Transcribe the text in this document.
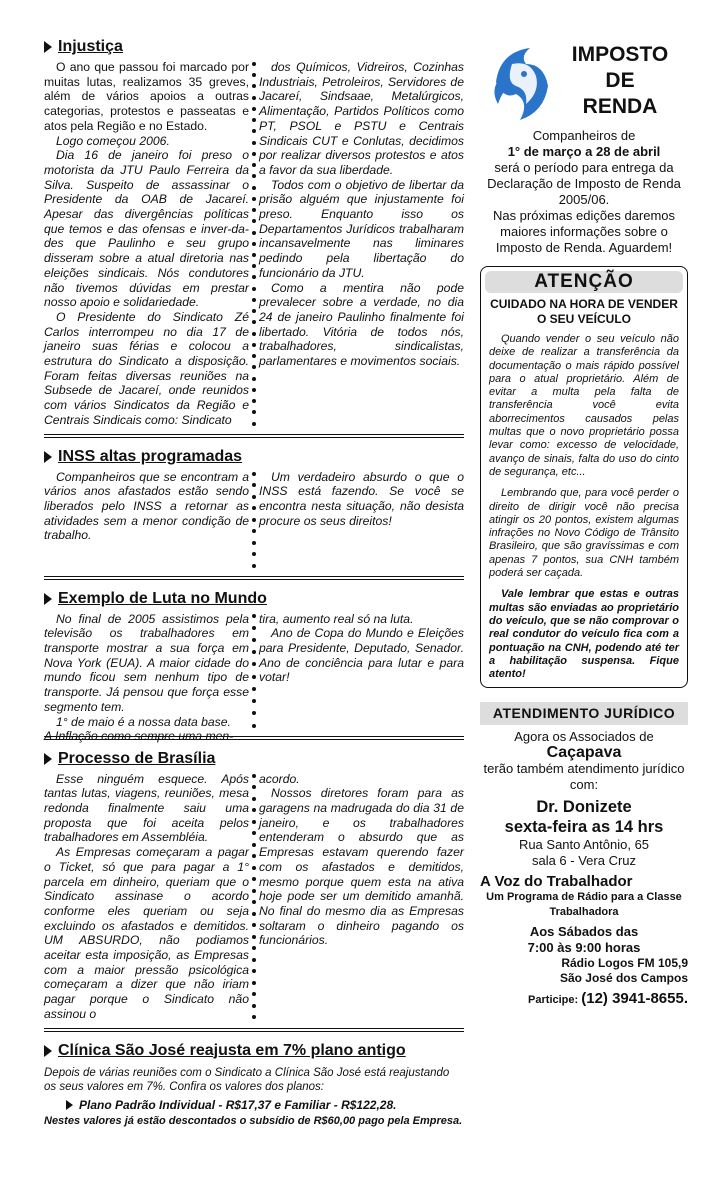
Injustiça

O ano que passou foi marcado por muitas lutas, realizamos 35 greves, além de vários apoios a outras categorias, protestos e passeatas e atos pela Região e no Estado.

Logo começou 2006.

Dia 16 de janeiro foi preso o motorista da JTU Paulo Ferreira da Silva. Suspeito de assassinar o Presidente da OAB de Jacareí. Apesar das divergências políticas que temos e das ofensas e inver-da-des que Paulinho e seu grupo disseram sobre a atual diretoria nas eleições sindicais. Nós condutores não tivemos dúvidas em prestar nosso apoio e solidariedade.

O Presidente do Sindicato Zé Carlos interrompeu no dia 17 de janeiro suas férias e colocou a estrutura do Sindicato a disposição. Foram feitas diversas reuniões na Subsede de Jacareí, onde reunidos com vários Sindicatos da Região e Centrais Sindicais como: Sindicato

dos Químicos, Vidreiros, Cozinhas Industriais, Petroleiros, Servidores de Jacareí, Sindsaae, Metalúrgicos, Alimentação, Partidos Políticos como PT, PSOL e PSTU e Centrais Sindicais CUT e Conlutas, decidimos por realizar diversos protestos e atos a favor da sua liberdade.

Todos com o objetivo de libertar da prisão alguém que injustamente foi preso. Enquanto isso os Departamentos Jurídicos trabalharam incansavelmente nas liminares pedindo pela libertação do funcionário da JTU.

Como a mentira não pode prevalecer sobre a verdade, no dia 24 de janeiro Paulinho finalmente foi libertado. Vitória de todos nós, trabalhadores, sindicalistas, parlamentares e movimentos sociais.

INSS altas programadas

Companheiros que se encontram a vários anos afastados estão sendo liberados pelo INSS a retornar as atividades sem a menor condição de trabalho.

Um verdadeiro absurdo o que o INSS está fazendo. Se você se encontra nesta situação, não desista procure os seus direitos!

Exemplo de Luta no Mundo

No final de 2005 assistimos pela televisão os trabalhadores em transporte mostrar a sua força em Nova York (EUA). A maior cidade do mundo ficou sem nenhum tipo de transporte. Já pensou que força esse segmento tem.

1° de maio é a nossa data base.

A Inflação como sempre uma men-

tira, aumento real só na luta.

Ano de Copa do Mundo e Eleições para Presidente, Deputado, Senador. Ano de conciência para lutar e para votar!

Processo de Brasília

Esse ninguém esquece. Após tantas lutas, viagens, reuniões, mesa redonda finalmente saiu uma proposta que foi aceita pelos trabalhadores em Assembléia.

As Empresas começaram a pagar o Ticket, só que para pagar a 1° parcela em dinheiro, queriam que o Sindicato assinase o acordo conforme eles queriam ou seja excluindo os afastados e demitidos. UM ABSURDO, não podiamos aceitar esta imposição, as Empresas com a maior pressão psicológica começaram a dizer que não iriam pagar porque o Sindicato não assinou o

acordo.

Nossos diretores foram para as garagens na madrugada do dia 31 de janeiro, e os trabalhadores entenderam o absurdo que as Empresas estavam querendo fazer com os afastados e demitidos, mesmo porque quem esta na ativa hoje pode ser um demitido amanhã. No final do mesmo dia as Empresas soltaram o dinheiro pagando os funcionários.

Clínica São José reajusta em 7% plano antigo

Depois de várias reuniões com o Sindicato a Clínica São José está reajustando os seus valores em 7%. Confira os valores dos planos:

Plano Padrão Individual - R$17,37 e Familiar - R$122,28.

Nestes valores já estão descontados o subsídio de R$60,00 pago pela Empresa.

IMPOSTO
DE
RENDA
Companheiros de
1° de março a 28 de abril
será o período para entrega da Declaração de Imposto de Renda 2005/06.
Nas próximas edições daremos maiores informações sobre o Imposto de Renda. Aguardem!
ATENÇÃO
CUIDADO NA HORA DE VENDER O SEU VEÍCULO

Quando vender o seu veículo não deixe de realizar a transferência da documentação o mais rápido possível para o atual proprietário. Além de evitar a multa pela falta de transferência você evita aborrecimentos causados pelas multas que o novo proprietário possa levar como: excesso de velocidade, avanço de sinais, falta do uso do cinto de segurança, etc...

Lembrando que, para você perder o direito de dirigir você não precisa atingir os 20 pontos, existem algumas infrações no Novo Código de Trânsito Brasileiro, que são gravíssimas e com apenas 7 pontos, sua CNH também poderá ser caçada.

Vale lembrar que estas e outras multas são enviadas ao proprietário do veículo, que se não comprovar o real condutor do veículo fica com a pontuação na CNH, podendo até ter a habilitação suspensa. Fique atento!

ATENDIMENTO JURÍDICO
Agora os Associados de Caçapava
terão também atendimento jurídico com:
Dr. Donizete
sexta-feira as 14 hrs
Rua Santo Antônio, 65
sala 6 - Vera Cruz
A Voz do Trabalhador
Um Programa de Rádio para a Classe Trabalhadora
Aos Sábados das
7:00 às 9:00 horas
Rádio Logos FM 105,9
São José dos Campos
Participe: (12) 3941-8655.
